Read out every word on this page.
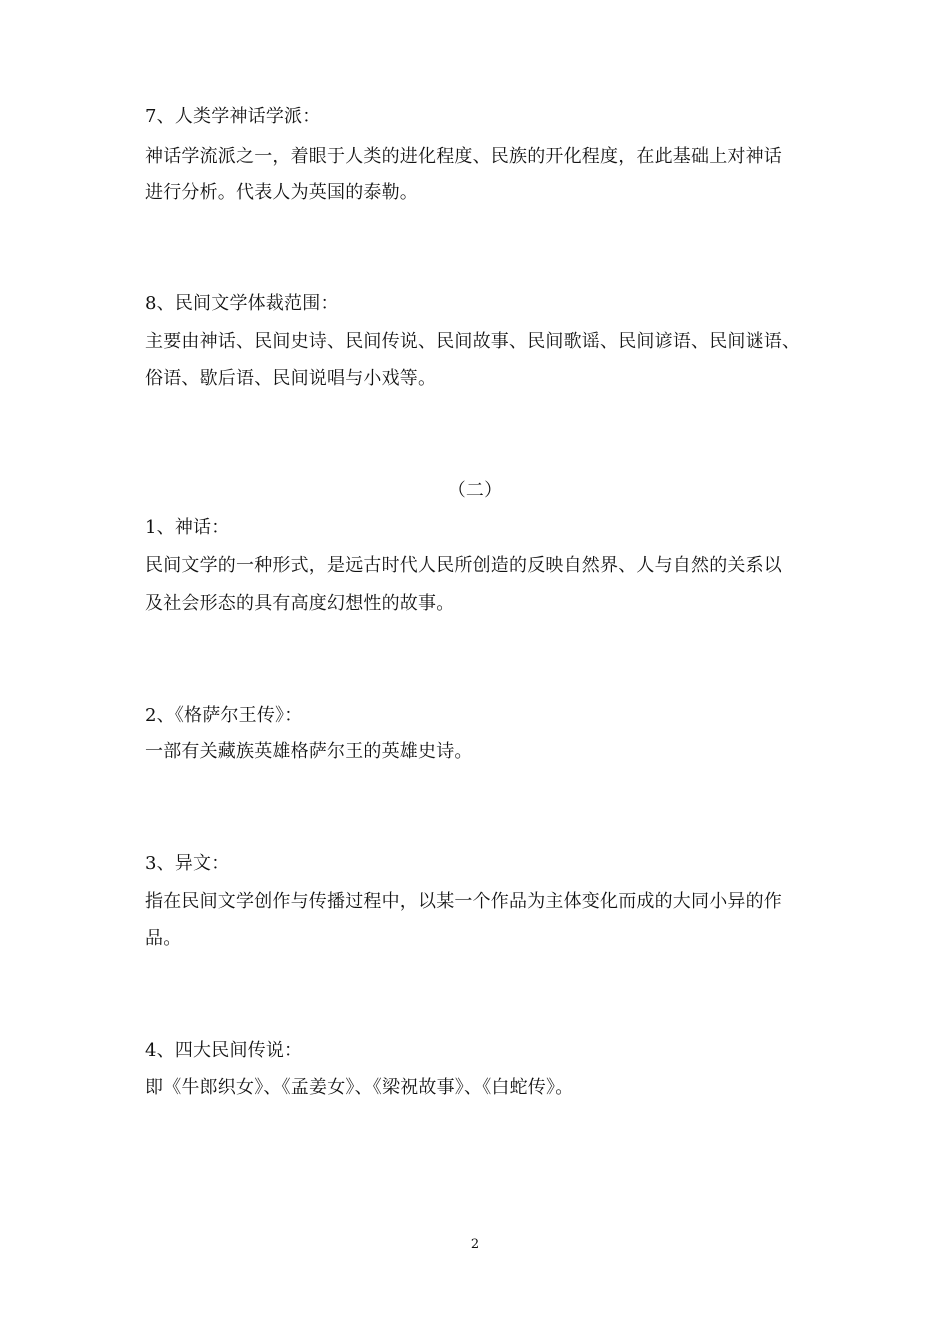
7、人类学神话学派：
神话学流派之一，着眼于人类的进化程度、民族的开化程度，在此基础上对神话
进行分析。代表人为英国的泰勒。
8、民间文学体裁范围：
主要由神话、民间史诗、民间传说、民间故事、民间歌谣、民间谚语、民间谜语、
俗语、歇后语、民间说唱与小戏等。
（二）
1、神话：
民间文学的一种形式，是远古时代人民所创造的反映自然界、人与自然的关系以
及社会形态的具有高度幻想性的故事。
2、《格萨尔王传》：
一部有关藏族英雄格萨尔王的英雄史诗。
3、异文：
指在民间文学创作与传播过程中，以某一个作品为主体变化而成的大同小异的作
品。
4、四大民间传说：
即《牛郎织女》、《孟姜女》、《梁祝故事》、《白蛇传》。
2
